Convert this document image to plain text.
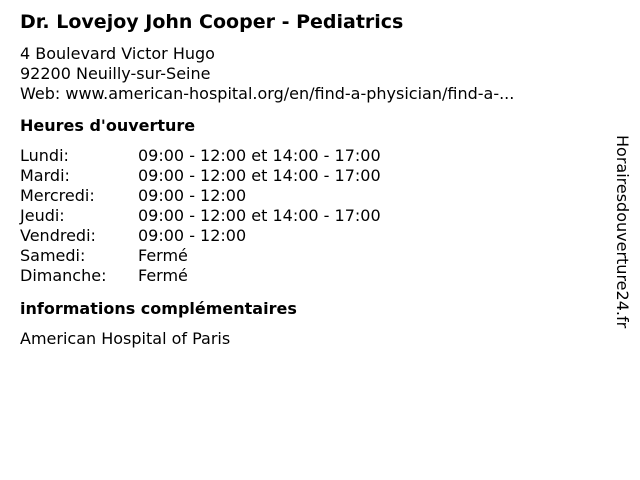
Dr. Lovejoy John Cooper - Pediatrics
4 Boulevard Victor Hugo
92200 Neuilly-sur-Seine
Web: www.american-hospital.org/en/find-a-physician/find-a-...
Heures d'ouverture
Lundi:	09:00 - 12:00 et 14:00 - 17:00
Mardi:	09:00 - 12:00 et 14:00 - 17:00
Mercredi:	09:00 - 12:00
Jeudi:	09:00 - 12:00 et 14:00 - 17:00
Vendredi:	09:00 - 12:00
Samedi:	Fermé
Dimanche:	Fermé
informations complémentaires
American Hospital of Paris
Horairesdouverture24.fr
